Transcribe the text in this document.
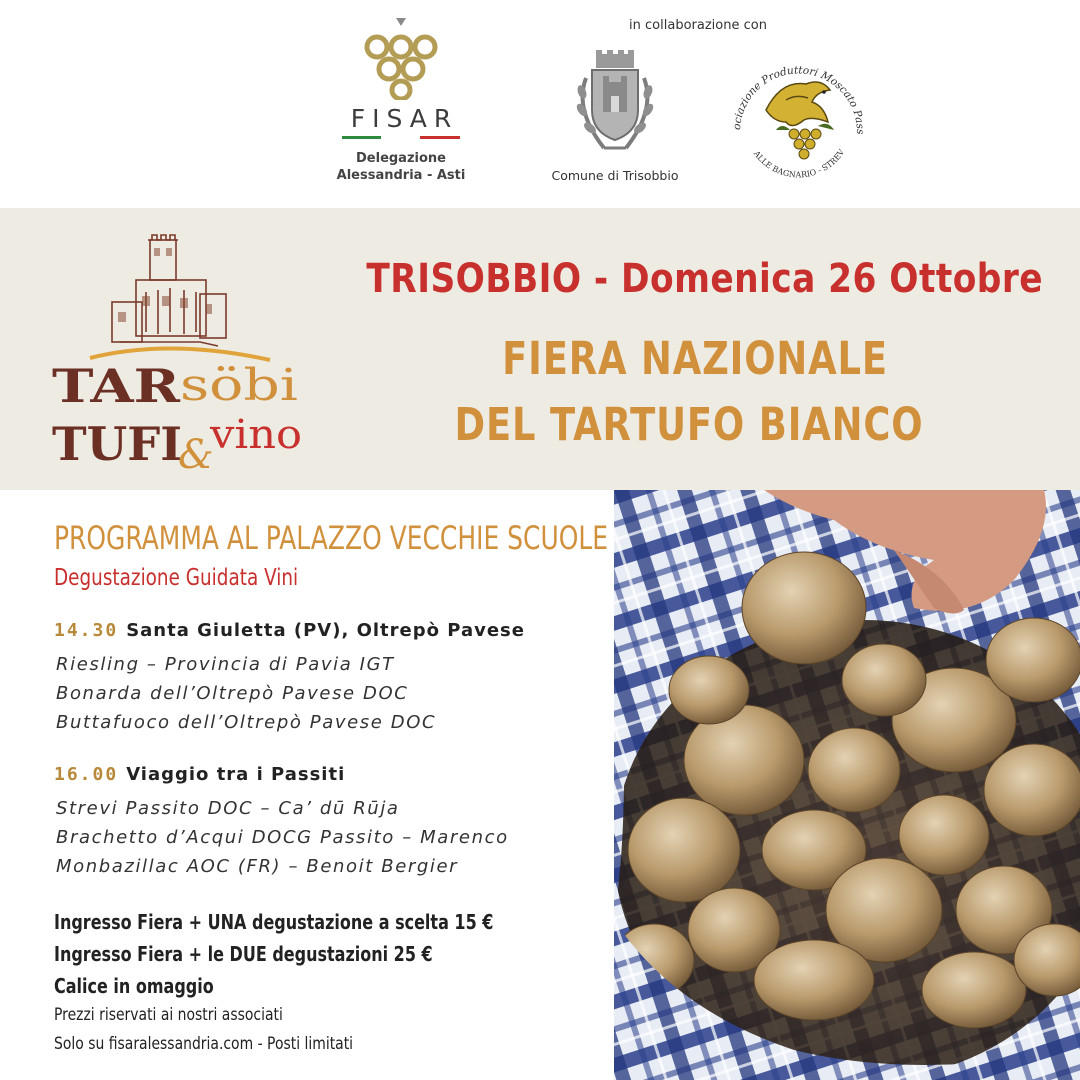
FISAR
Delegazione
Alessandria - Asti
in collaborazione con
Comune di Trisobbio
ociazione Produttori Moscato Pass
ALLE BAGNARIO - STREV
TAR söbi
TUFI
&
vino
TRISOBBIO - Domenica 26 Ottobre
FIERA NAZIONALE
DEL TARTUFO BIANCO
PROGRAMMA AL PALAZZO VECCHIE SCUOLE
Degustazione Guidata Vini
14.30 Santa Giuletta (PV), Oltrepò Pavese
Riesling – Provincia di Pavia IGT
Bonarda dell’Oltrepò Pavese DOC
Buttafuoco dell’Oltrepò Pavese DOC
16.00 Viaggio tra i Passiti
Strevi Passito DOC – Ca’ dū Rūja
Brachetto d’Acqui DOCG Passito – Marenco
Monbazillac AOC (FR) – Benoit Bergier
Ingresso Fiera + UNA degustazione a scelta 15 €
Ingresso Fiera + le DUE degustazioni 25 €
Calice in omaggio
Prezzi riservati ai nostri associati
Solo su fisaralessandria.com - Posti limitati
